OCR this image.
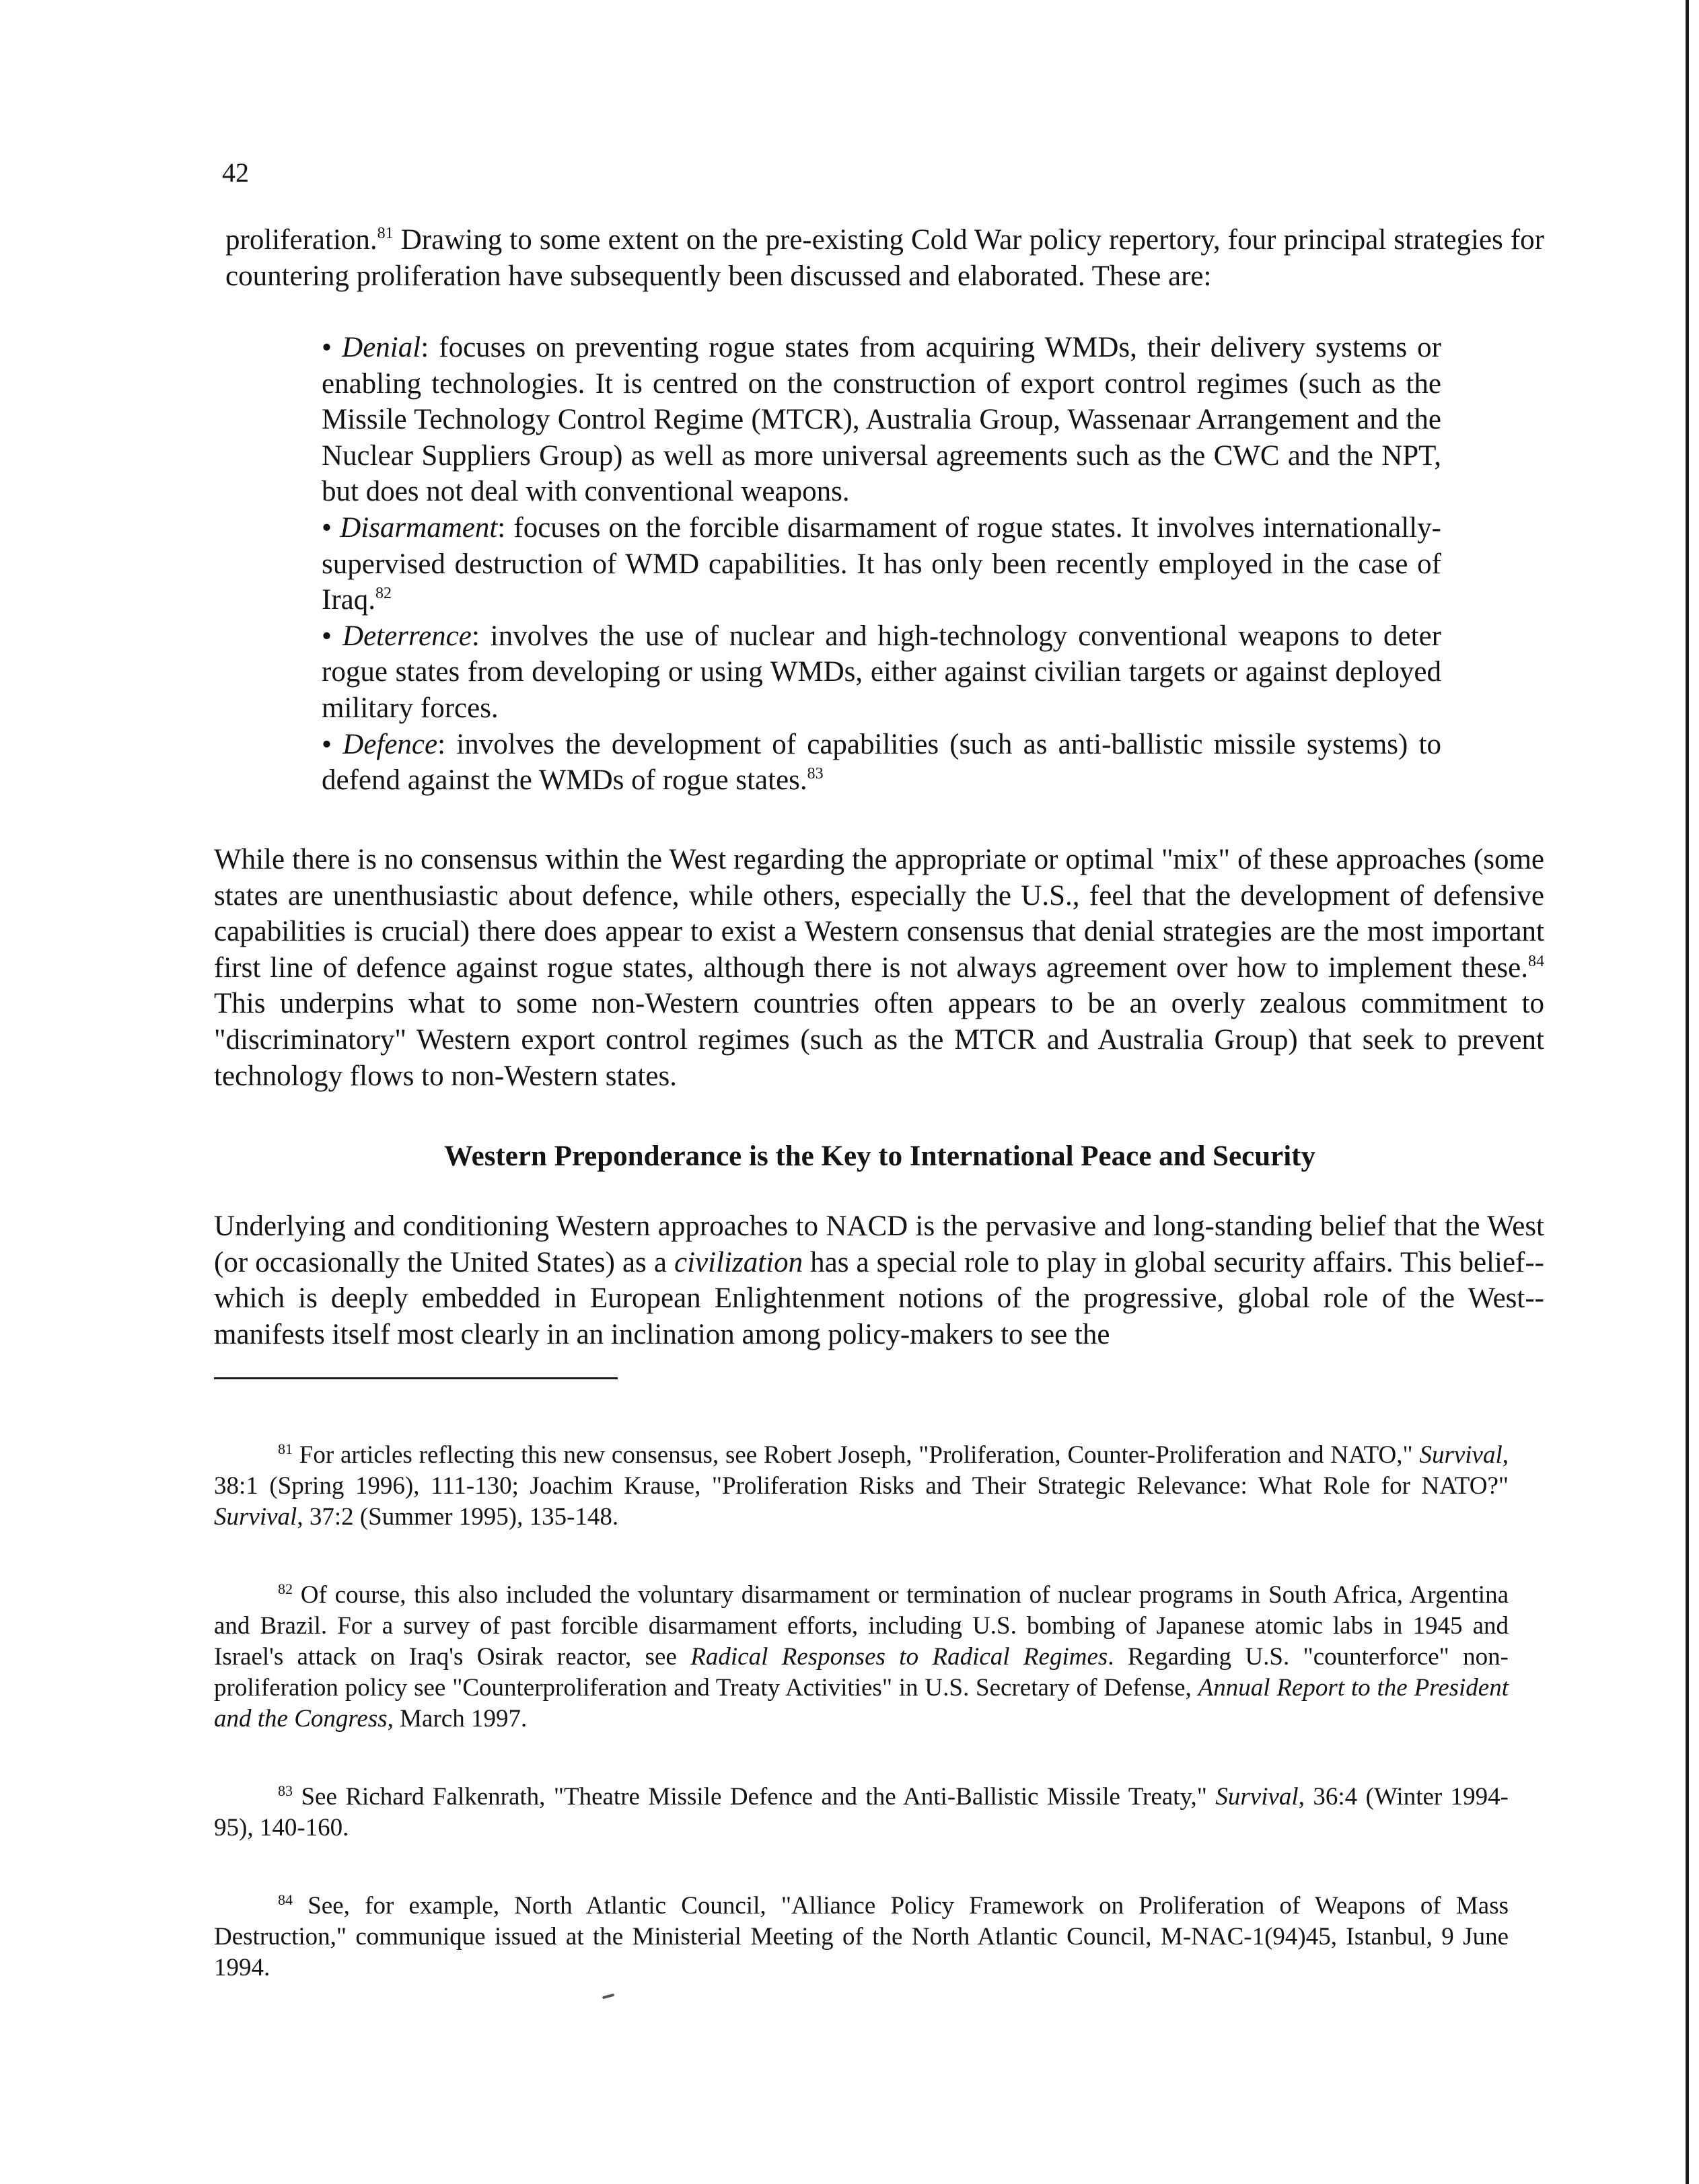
42

proliferation.$^{81}$ Drawing to some extent on the pre-existing Cold War policy repertory, four principal strategies for countering proliferation have subsequently been discussed and elaborated. These are:

• Denial: focuses on preventing rogue states from acquiring WMDs, their delivery systems or enabling technologies. It is centred on the construction of export control regimes (such as the Missile Technology Control Regime (MTCR), Australia Group, Wassenaar Arrangement and the Nuclear Suppliers Group) as well as more universal agreements such as the CWC and the NPT, but does not deal with conventional weapons.

• Disarmament: focuses on the forcible disarmament of rogue states. It involves internationally-supervised destruction of WMD capabilities. It has only been recently employed in the case of Iraq.$^{82}$

• Deterrence: involves the use of nuclear and high-technology conventional weapons to deter rogue states from developing or using WMDs, either against civilian targets or against deployed military forces.

• Defence: involves the development of capabilities (such as anti-ballistic missile systems) to defend against the WMDs of rogue states.$^{83}$

While there is no consensus within the West regarding the appropriate or optimal "mix" of these approaches (some states are unenthusiastic about defence, while others, especially the U.S., feel that the development of defensive capabilities is crucial) there does appear to exist a Western consensus that denial strategies are the most important first line of defence against rogue states, although there is not always agreement over how to implement these.$^{84}$ This underpins what to some non-Western countries often appears to be an overly zealous commitment to "discriminatory" Western export control regimes (such as the MTCR and Australia Group) that seek to prevent technology flows to non-Western states.

Western Preponderance is the Key to International Peace and Security

Underlying and conditioning Western approaches to NACD is the pervasive and long-standing belief that the West (or occasionally the United States) as a civilization has a special role to play in global security affairs. This belief--which is deeply embedded in European Enlightenment notions of the progressive, global role of the West--manifests itself most clearly in an inclination among policy-makers to see the

$^{81}$ For articles reflecting this new consensus, see Robert Joseph, "Proliferation, Counter-Proliferation and NATO," Survival, 38:1 (Spring 1996), 111-130; Joachim Krause, "Proliferation Risks and Their Strategic Relevance: What Role for NATO?" Survival, 37:2 (Summer 1995), 135-148.

$^{82}$ Of course, this also included the voluntary disarmament or termination of nuclear programs in South Africa, Argentina and Brazil. For a survey of past forcible disarmament efforts, including U.S. bombing of Japanese atomic labs in 1945 and Israel's attack on Iraq's Osirak reactor, see Radical Responses to Radical Regimes. Regarding U.S. "counterforce" non-proliferation policy see "Counterproliferation and Treaty Activities" in U.S. Secretary of Defense, Annual Report to the President and the Congress, March 1997.

$^{83}$ See Richard Falkenrath, "Theatre Missile Defence and the Anti-Ballistic Missile Treaty," Survival, 36:4 (Winter 1994-95), 140-160.

$^{84}$ See, for example, North Atlantic Council, "Alliance Policy Framework on Proliferation of Weapons of Mass Destruction," communique issued at the Ministerial Meeting of the North Atlantic Council, M-NAC-1(94)45, Istanbul, 9 June 1994.
